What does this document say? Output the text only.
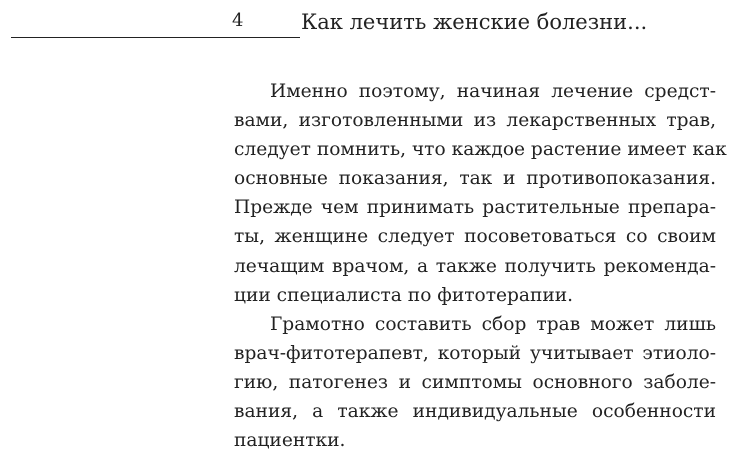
4	Как лечить женские болезни...
Именно поэтому, начиная лечение средст-
вами, изготовленными из лекарственных трав,
следует помнить, что каждое растение имеет как
основные показания, так и противопоказания.
Прежде чем принимать растительные препара-
ты, женщине следует посоветоваться со своим
лечащим врачом, а также получить рекоменда-
ции специалиста по фитотерапии.
Грамотно составить сбор трав может лишь
врач-фитотерапевт, который учитывает этиоло-
гию, патогенез и симптомы основного заболе-
вания, а также индивидуальные особенности
пациентки.
